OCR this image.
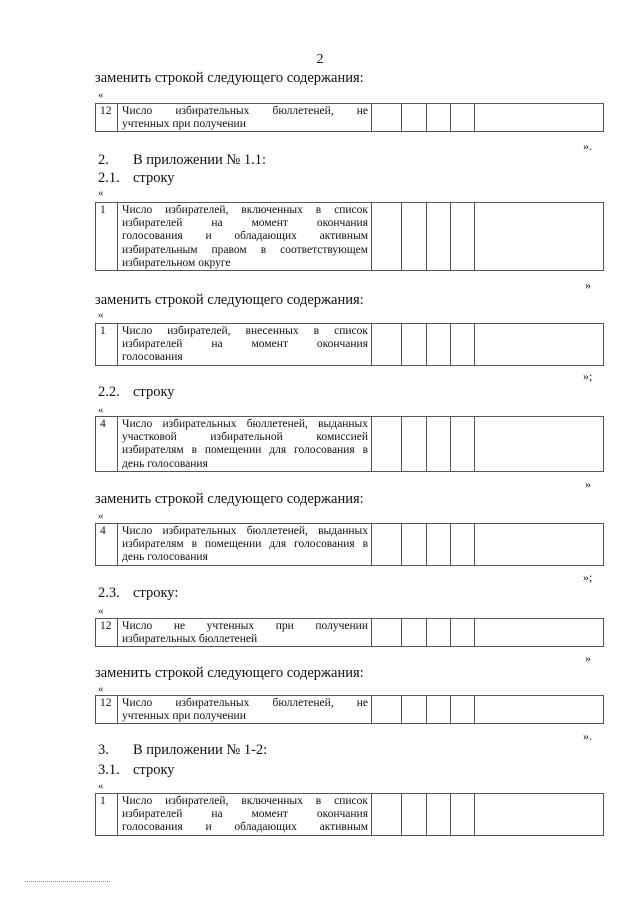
2
заменить строкой следующего содержания:
«
12	Число избирательных бюллетеней, не
учтенных при получении

».
2. В приложении № 1.1:
2.1. строку
«
1	Число избирателей, включенных в список
избирателей на момент окончания
голосования и обладающих активным
избирательным правом в соответствующем
избирательном округе

»
заменить строкой следующего содержания:
«
1	Число избирателей, внесенных в список
избирателей на момент окончания
голосования

»;
2.2. строку
«
4	Число избирательных бюллетеней, выданных
участковой избирательной комиссией
избирателям в помещении для голосования в
день голосования

»
заменить строкой следующего содержания:
«
4	Число избирательных бюллетеней, выданных
избирателям в помещении для голосования в
день голосования

»;
2.3. строку:
«
12	Число не учтенных при получении
избирательных бюллетеней

»
заменить строкой следующего содержания:
«
12	Число избирательных бюллетеней, не
учтенных при получении

».
3. В приложении № 1-2:
3.1. строку
«
1	Число избирателей, включенных в список
избирателей на момент окончания
голосования и обладающих активным
